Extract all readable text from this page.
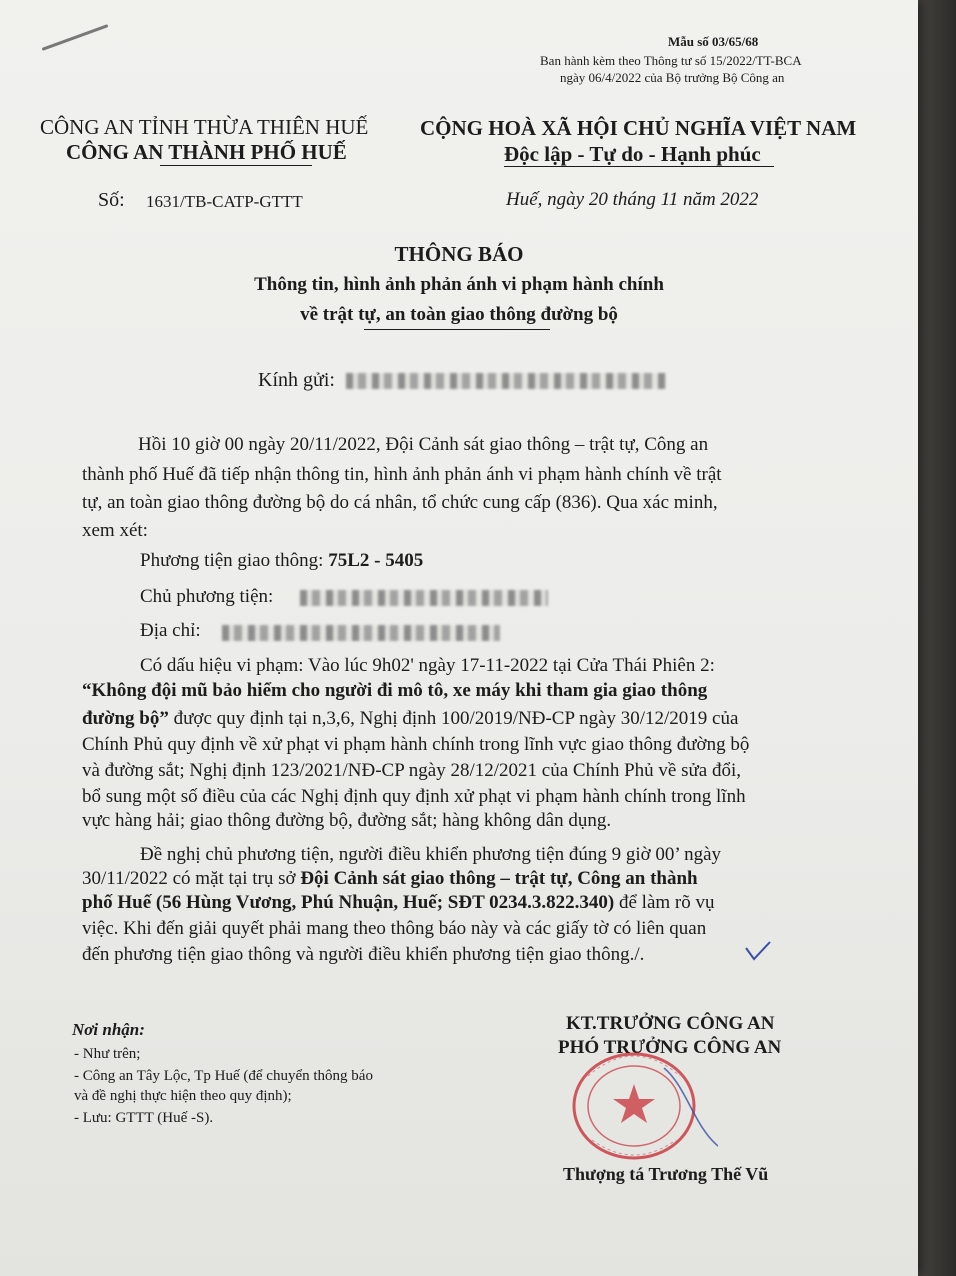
Mẫu số 03/65/68
Ban hành kèm theo Thông tư số 15/2022/TT-BCA
ngày 06/4/2022 của Bộ trưởng Bộ Công an
CÔNG AN TỈNH THỪA THIÊN HUẾ
CÔNG AN THÀNH PHỐ HUẾ
CỘNG HOÀ XÃ HỘI CHỦ NGHĨA VIỆT NAM
Độc lập - Tự do - Hạnh phúc
Số: 1631/TB-CATP-GTTT	Huế, ngày 20 tháng 11 năm 2022
THÔNG BÁO
Thông tin, hình ảnh phản ánh vi phạm hành chính
về trật tự, an toàn giao thông đường bộ
Kính gửi:
Hồi 10 giờ 00 ngày 20/11/2022, Đội Cảnh sát giao thông – trật tự, Công an
thành phố Huế đã tiếp nhận thông tin, hình ảnh phản ánh vi phạm hành chính về trật
tự, an toàn giao thông đường bộ do cá nhân, tổ chức cung cấp (836). Qua xác minh,
xem xét:
Phương tiện giao thông: 75L2 - 5405
Chủ phương tiện:
Địa chỉ:
Có dấu hiệu vi phạm: Vào lúc 9h02' ngày 17-11-2022 tại Cửa Thái Phiên 2:
“Không đội mũ bảo hiểm cho người đi mô tô, xe máy khi tham gia giao thông
đường bộ” được quy định tại n,3,6, Nghị định 100/2019/NĐ-CP ngày 30/12/2019 của
Chính Phủ quy định về xử phạt vi phạm hành chính trong lĩnh vực giao thông đường bộ
và đường sắt; Nghị định 123/2021/NĐ-CP ngày 28/12/2021 của Chính Phủ về sửa đổi,
bổ sung một số điều của các Nghị định quy định xử phạt vi phạm hành chính trong lĩnh
vực hàng hải; giao thông đường bộ, đường sắt; hàng không dân dụng.
Đề nghị chủ phương tiện, người điều khiển phương tiện đúng 9 giờ 00’ ngày
30/11/2022 có mặt tại trụ sở Đội Cảnh sát giao thông – trật tự, Công an thành
phố Huế (56 Hùng Vương, Phú Nhuận, Huế; SĐT 0234.3.822.340) để làm rõ vụ
việc. Khi đến giải quyết phải mang theo thông báo này và các giấy tờ có liên quan
đến phương tiện giao thông và người điều khiển phương tiện giao thông./.
Nơi nhận:
- Như trên;
- Công an Tây Lộc, Tp Huế (để chuyển thông báo
và đề nghị thực hiện theo quy định);
- Lưu: GTTT (Huế -S).
KT.TRƯỞNG CÔNG AN
PHÓ TRƯỞNG CÔNG AN
Thượng tá Trương Thế Vũ
